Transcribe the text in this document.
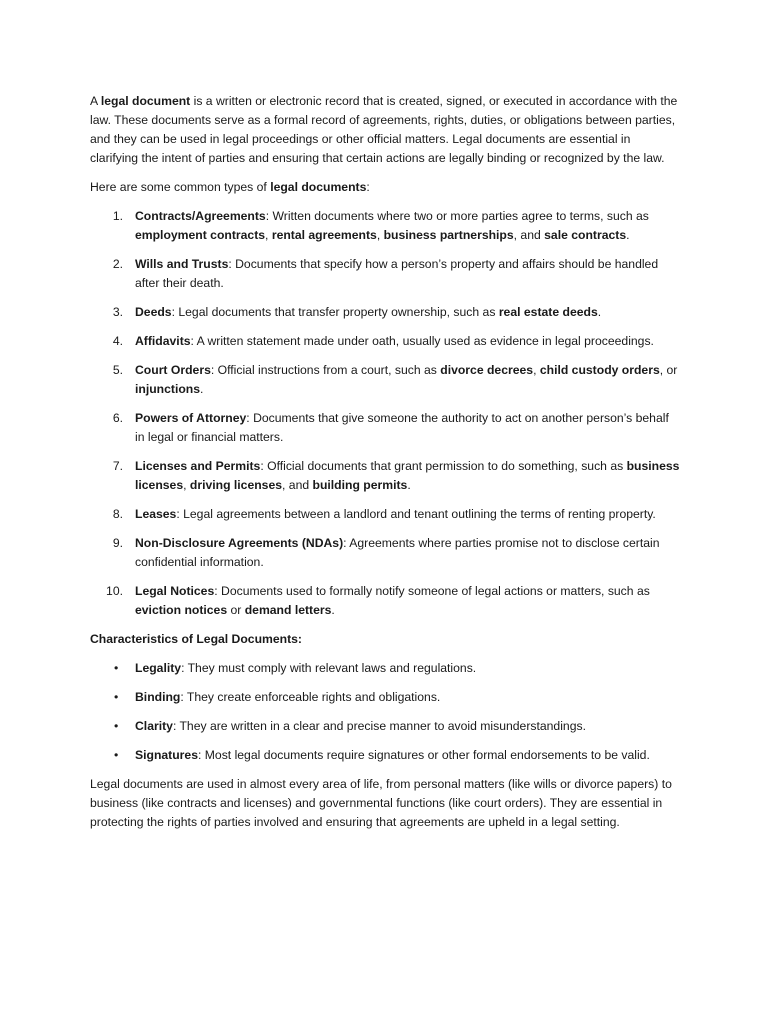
A legal document is a written or electronic record that is created, signed, or executed in accordance with the law. These documents serve as a formal record of agreements, rights, duties, or obligations between parties, and they can be used in legal proceedings or other official matters. Legal documents are essential in clarifying the intent of parties and ensuring that certain actions are legally binding or recognized by the law.

Here are some common types of legal documents:

1. Contracts/Agreements: Written documents where two or more parties agree to terms, such as employment contracts, rental agreements, business partnerships, and sale contracts.
2. Wills and Trusts: Documents that specify how a person’s property and affairs should be handled after their death.
3. Deeds: Legal documents that transfer property ownership, such as real estate deeds.
4. Affidavits: A written statement made under oath, usually used as evidence in legal proceedings.
5. Court Orders: Official instructions from a court, such as divorce decrees, child custody orders, or injunctions.
6. Powers of Attorney: Documents that give someone the authority to act on another person’s behalf in legal or financial matters.
7. Licenses and Permits: Official documents that grant permission to do something, such as business licenses, driving licenses, and building permits.
8. Leases: Legal agreements between a landlord and tenant outlining the terms of renting property.
9. Non-Disclosure Agreements (NDAs): Agreements where parties promise not to disclose certain confidential information.
10. Legal Notices: Documents used to formally notify someone of legal actions or matters, such as eviction notices or demand letters.
Characteristics of Legal Documents:
• Legality: They must comply with relevant laws and regulations.
• Binding: They create enforceable rights and obligations.
• Clarity: They are written in a clear and precise manner to avoid misunderstandings.
• Signatures: Most legal documents require signatures or other formal endorsements to be valid.

Legal documents are used in almost every area of life, from personal matters (like wills or divorce papers) to business (like contracts and licenses) and governmental functions (like court orders). They are essential in protecting the rights of parties involved and ensuring that agreements are upheld in a legal setting.
